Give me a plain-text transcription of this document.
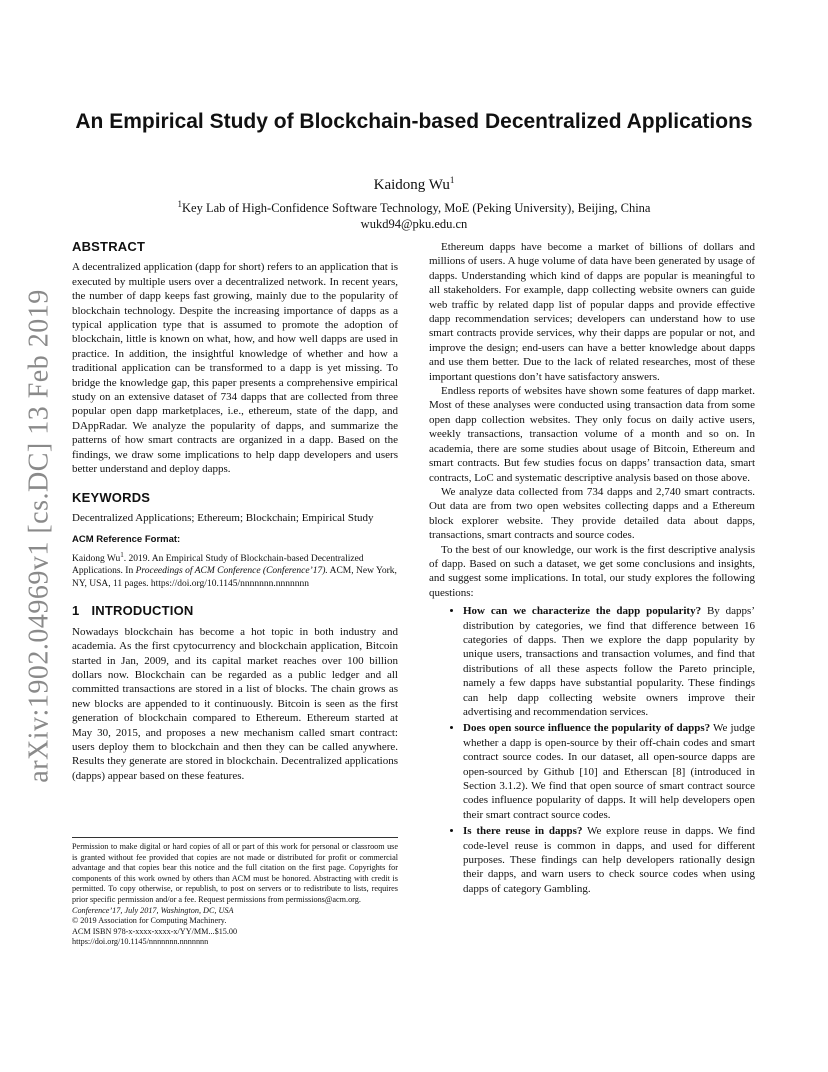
arXiv:1902.04969v1 [cs.DC] 13 Feb 2019
An Empirical Study of Blockchain-based Decentralized Applications
Kaidong Wu$^1$
$^1$Key Lab of High-Confidence Software Technology, MoE (Peking University), Beijing, China
wukd94@pku.edu.cn
ABSTRACT

A decentralized application (dapp for short) refers to an application that is executed by multiple users over a decentralized network. In recent years, the number of dapp keeps fast growing, mainly due to the popularity of blockchain technology. Despite the increasing importance of dapps as a typical application type that is assumed to promote the adoption of blockchain, little is known on what, how, and how well dapps are used in practice. In addition, the insightful knowledge of whether and how a traditional application can be transformed to a dapp is yet missing. To bridge the knowledge gap, this paper presents a comprehensive empirical study on an extensive dataset of 734 dapps that are collected from three popular open dapp marketplaces, i.e., ethereum, state of the dapp, and DAppRadar. We analyze the popularity of dapps, and summarize the patterns of how smart contracts are organized in a dapp. Based on the findings, we draw some implications to help dapp developers and users better understand and deploy dapps.

KEYWORDS

Decentralized Applications; Ethereum; Blockchain; Empirical Study

ACM Reference Format:
Kaidong Wu$^1$. 2019. An Empirical Study of Blockchain-based Decentralized Applications. In Proceedings of ACM Conference (Conference’17). ACM, New York, NY, USA, 11 pages. https://doi.org/10.1145/nnnnnnn.nnnnnnn
1 INTRODUCTION

Nowadays blockchain has become a hot topic in both industry and academia. As the first cpytocurrency and blockchain application, Bitcoin started in Jan, 2009, and its capital market reaches over 100 billion dollars now. Blockchain can be regarded as a public ledger and all committed transactions are stored in a list of blocks. The chain grows as new blocks are appended to it continuously. Bitcoin is seen as the first generation of blockchain compared to Ethereum. Ethereum started at May 30, 2015, and proposes a new mechanism called smart contract: users deploy them to blockchain and then they can be called anywhere. Results they generate are stored in blockchain. Decentralized applications (dapps) appear based on these features.

Permission to make digital or hard copies of all or part of this work for personal or classroom use is granted without fee provided that copies are not made or distributed for profit or commercial advantage and that copies bear this notice and the full citation on the first page. Copyrights for components of this work owned by others than ACM must be honored. Abstracting with credit is permitted. To copy otherwise, or republish, to post on servers or to redistribute to lists, requires prior specific permission and/or a fee. Request permissions from permissions@acm.org.
Conference’17, July 2017, Washington, DC, USA
© 2019 Association for Computing Machinery.
ACM ISBN 978-x-xxxx-xxxx-x/YY/MM...$15.00
https://doi.org/10.1145/nnnnnnn.nnnnnnn

Ethereum dapps have become a market of billions of dollars and millions of users. A huge volume of data have been generated by usage of dapps. Understanding which kind of dapps are popular is meaningful to all stakeholders. For example, dapp collecting website owners can guide web traffic by related dapp list of popular dapps and provide effective dapp recommendation services; developers can understand how to use smart contracts provide services, why their dapps are popular or not, and improve the design; end-users can have a better knowledge about dapps and use them better. Due to the lack of related researches, most of these important questions don’t have satisfactory answers.

Endless reports of websites have shown some features of dapp market. Most of these analyses were conducted using transaction data from some open dapp collection websites. They only focus on daily active users, weekly transactions, transaction volume of a month and so on. In academia, there are some studies about usage of Bitcoin, Ethereum and smart contracts. But few studies focus on dapps’ transaction data, smart contracts, LoC and systematic descriptive analysis based on those above.

We analyze data collected from 734 dapps and 2,740 smart contracts. Out data are from two open websites collecting dapps and a Ethereum block explorer website. They provide detailed data about dapps, transactions, smart contracts and source codes.

To the best of our knowledge, our work is the first descriptive analysis of dapp. Based on such a dataset, we get some conclusions and insights, and suggest some implications. In total, our study explores the following questions:

• How can we characterize the dapp popularity? By dapps’ distribution by categories, we find that difference between 16 categories of dapps. Then we explore the dapp popularity by unique users, transactions and transaction volumes, and find that distributions of all these aspects follow the Pareto principle, namely a few dapps have substantial popularity. These findings can help dapp collecting website owners improve their advertising and recommendation services.
• Does open source influence the popularity of dapps? We judge whether a dapp is open-source by their off-chain codes and smart contract source codes. In our dataset, all open-source dapps are open-sourced by Github [10] and Etherscan [8] (introduced in Section 3.1.2). We find that open source of smart contract source codes influence popularity of dapps. It will help developers open their smart contract source codes.
• Is there reuse in dapps? We explore reuse in dapps. We find code-level reuse is common in dapps, and used for different purposes. These findings can help developers rationally design their dapps, and warn users to check source codes when using dapps of category Gambling.
